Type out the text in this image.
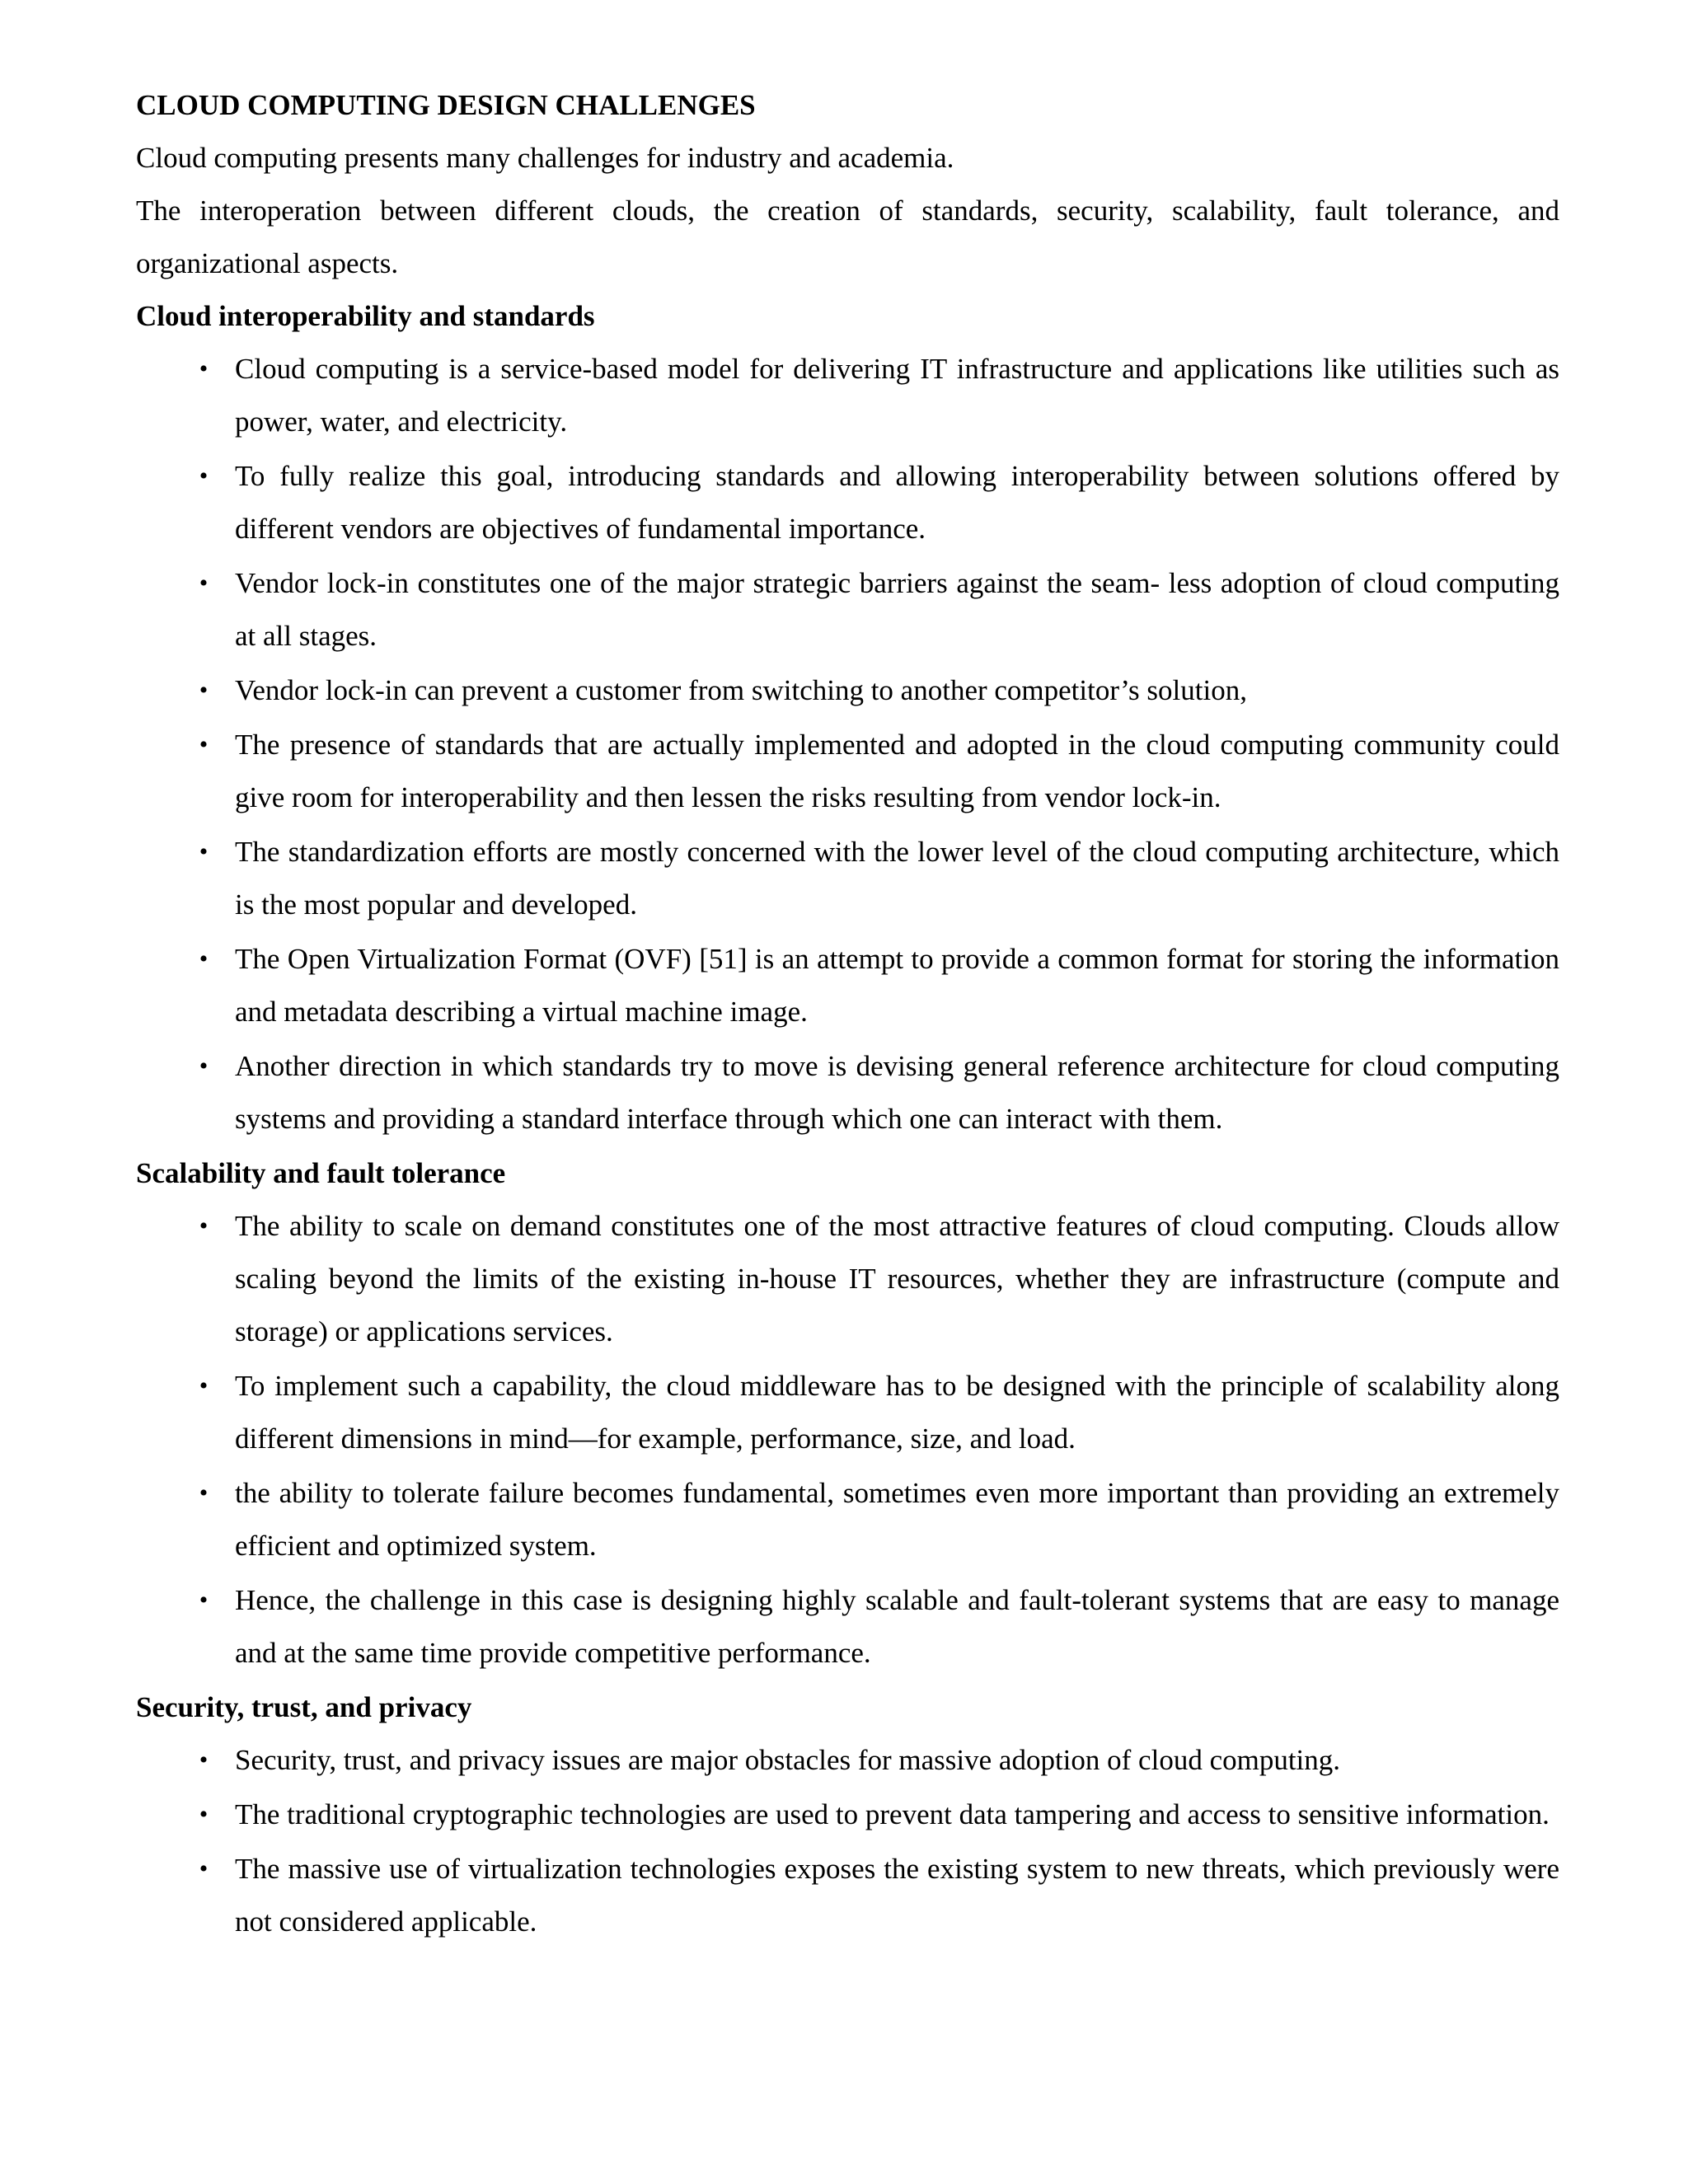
CLOUD COMPUTING DESIGN CHALLENGES

Cloud computing presents many challenges for industry and academia.

The interoperation between different clouds, the creation of standards, security, scalability, fault tolerance, and organizational aspects.

Cloud interoperability and standards
• Cloud computing is a service-based model for delivering IT infrastructure and applications like utilities such as power, water, and electricity.
• To fully realize this goal, introducing standards and allowing interoperability between solutions offered by different vendors are objectives of fundamental importance.
• Vendor lock-in constitutes one of the major strategic barriers against the seam- less adoption of cloud computing at all stages.
• Vendor lock-in can prevent a customer from switching to another competitor’s solution,
• The presence of standards that are actually implemented and adopted in the cloud computing community could give room for interoperability and then lessen the risks resulting from vendor lock-in.
• The standardization efforts are mostly concerned with the lower level of the cloud computing architecture, which is the most popular and developed.
• The Open Virtualization Format (OVF) [51] is an attempt to provide a common format for storing the information and metadata describing a virtual machine image.
• Another direction in which standards try to move is devising general reference architecture for cloud computing systems and providing a standard interface through which one can interact with them.
Scalability and fault tolerance
• The ability to scale on demand constitutes one of the most attractive features of cloud computing. Clouds allow scaling beyond the limits of the existing in-house IT resources, whether they are infrastructure (compute and storage) or applications services.
• To implement such a capability, the cloud middleware has to be designed with the principle of scalability along different dimensions in mind—for example, performance, size, and load.
• the ability to tolerate failure becomes fundamental, sometimes even more important than providing an extremely efficient and optimized system.
• Hence, the challenge in this case is designing highly scalable and fault-tolerant systems that are easy to manage and at the same time provide competitive performance.
Security, trust, and privacy
• Security, trust, and privacy issues are major obstacles for massive adoption of cloud computing.
• The traditional cryptographic technologies are used to prevent data tampering and access to sensitive information.
• The massive use of virtualization technologies exposes the existing system to new threats, which previously were not considered applicable.
